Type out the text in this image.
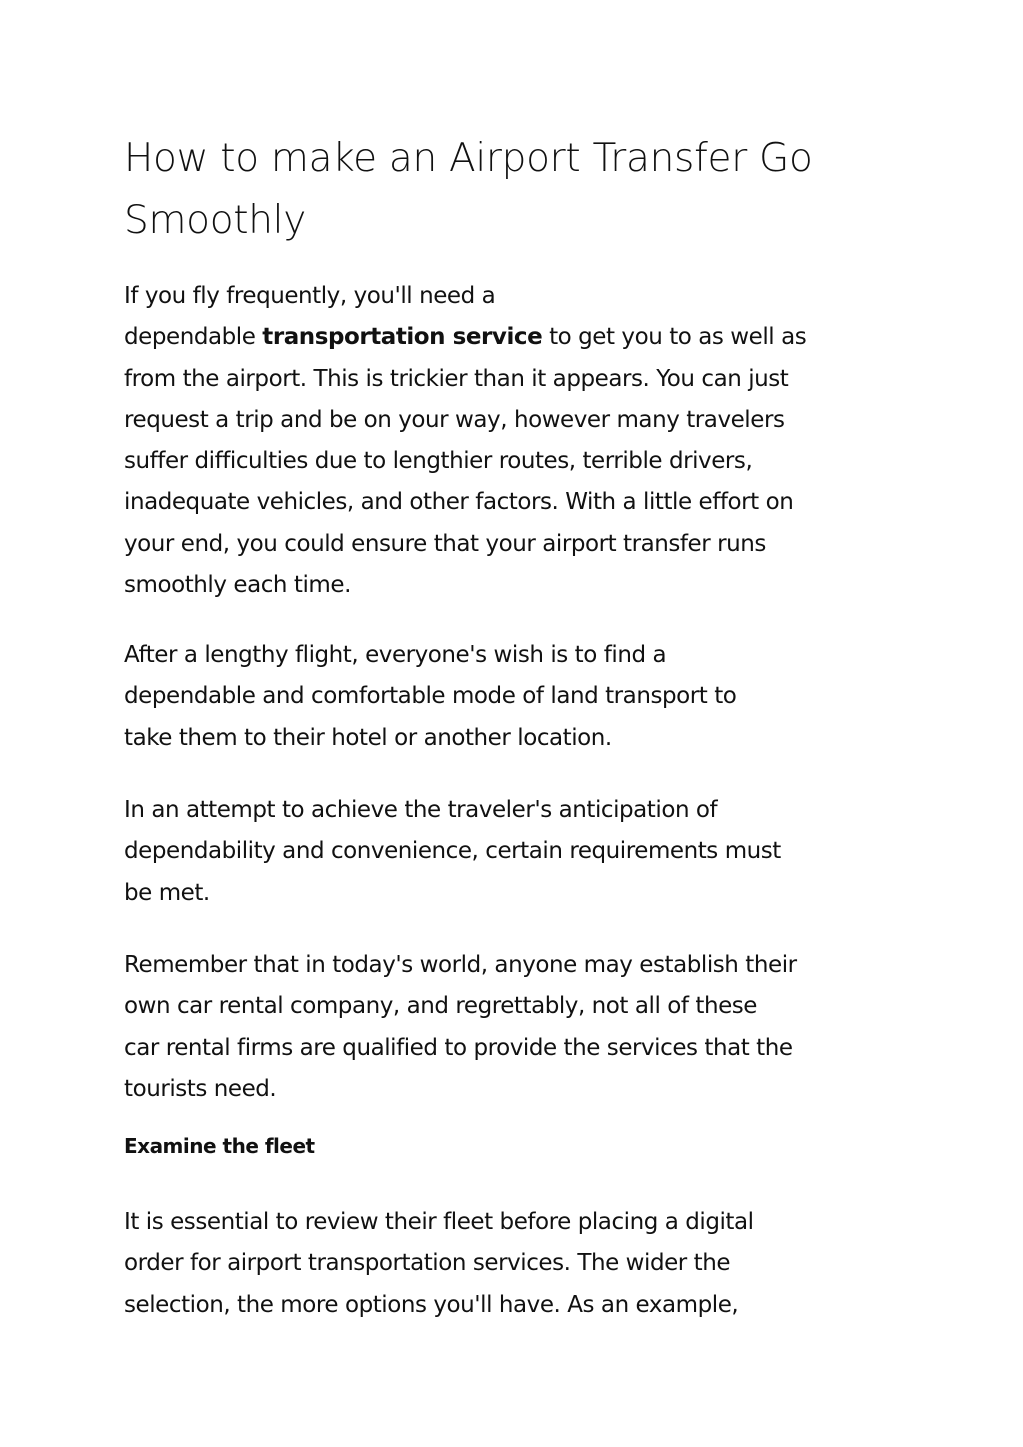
How to make an Airport Transfer Go
Smoothly

If you fly frequently, you'll need a
dependable transportation service to get you to as well as
from the airport. This is trickier than it appears. You can just
request a trip and be on your way, however many travelers
suffer difficulties due to lengthier routes, terrible drivers,
inadequate vehicles, and other factors. With a little effort on
your end, you could ensure that your airport transfer runs
smoothly each time.

After a lengthy flight, everyone's wish is to find a
dependable and comfortable mode of land transport to
take them to their hotel or another location.

In an attempt to achieve the traveler's anticipation of
dependability and convenience, certain requirements must
be met.

Remember that in today's world, anyone may establish their
own car rental company, and regrettably, not all of these
car rental firms are qualified to provide the services that the
tourists need.

Examine the fleet

It is essential to review their fleet before placing a digital
order for airport transportation services. The wider the
selection, the more options you'll have. As an example,
